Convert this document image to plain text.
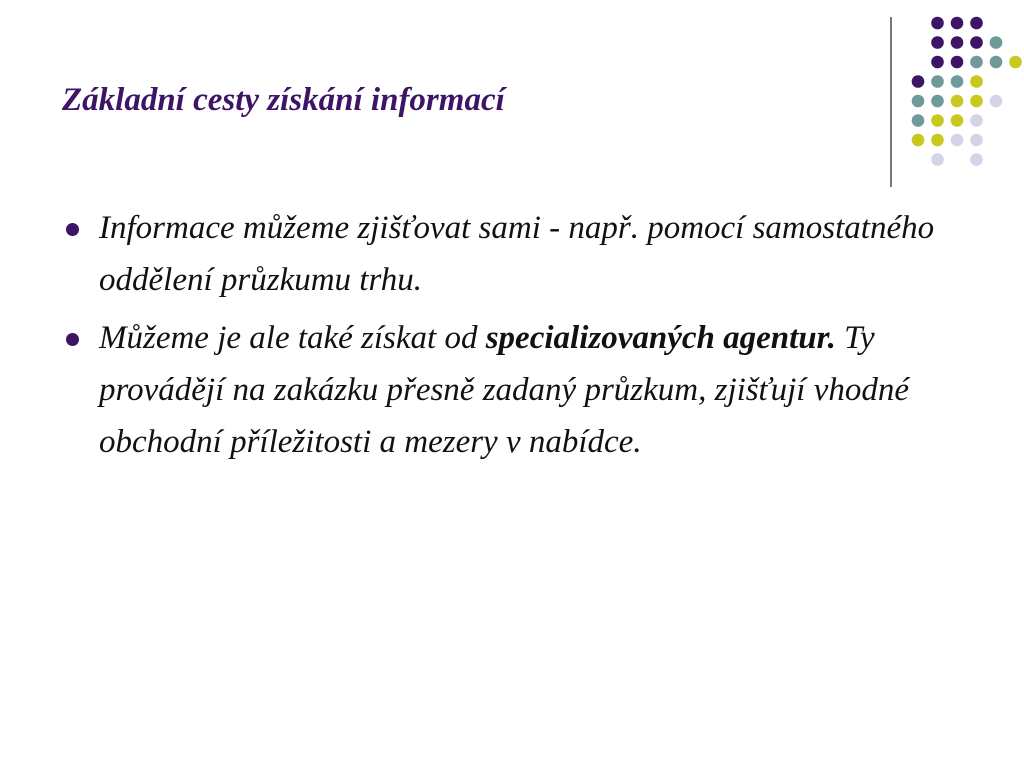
Základní cesty získání informací
Informace můžeme zjišťovat sami - např. pomocí samostatného oddělení průzkumu trhu.
Můžeme je ale také získat od specializovaných agentur. Ty provádějí na zakázku přesně zadaný průzkum, zjišťují vhodné obchodní příležitosti a mezery v nabídce.
